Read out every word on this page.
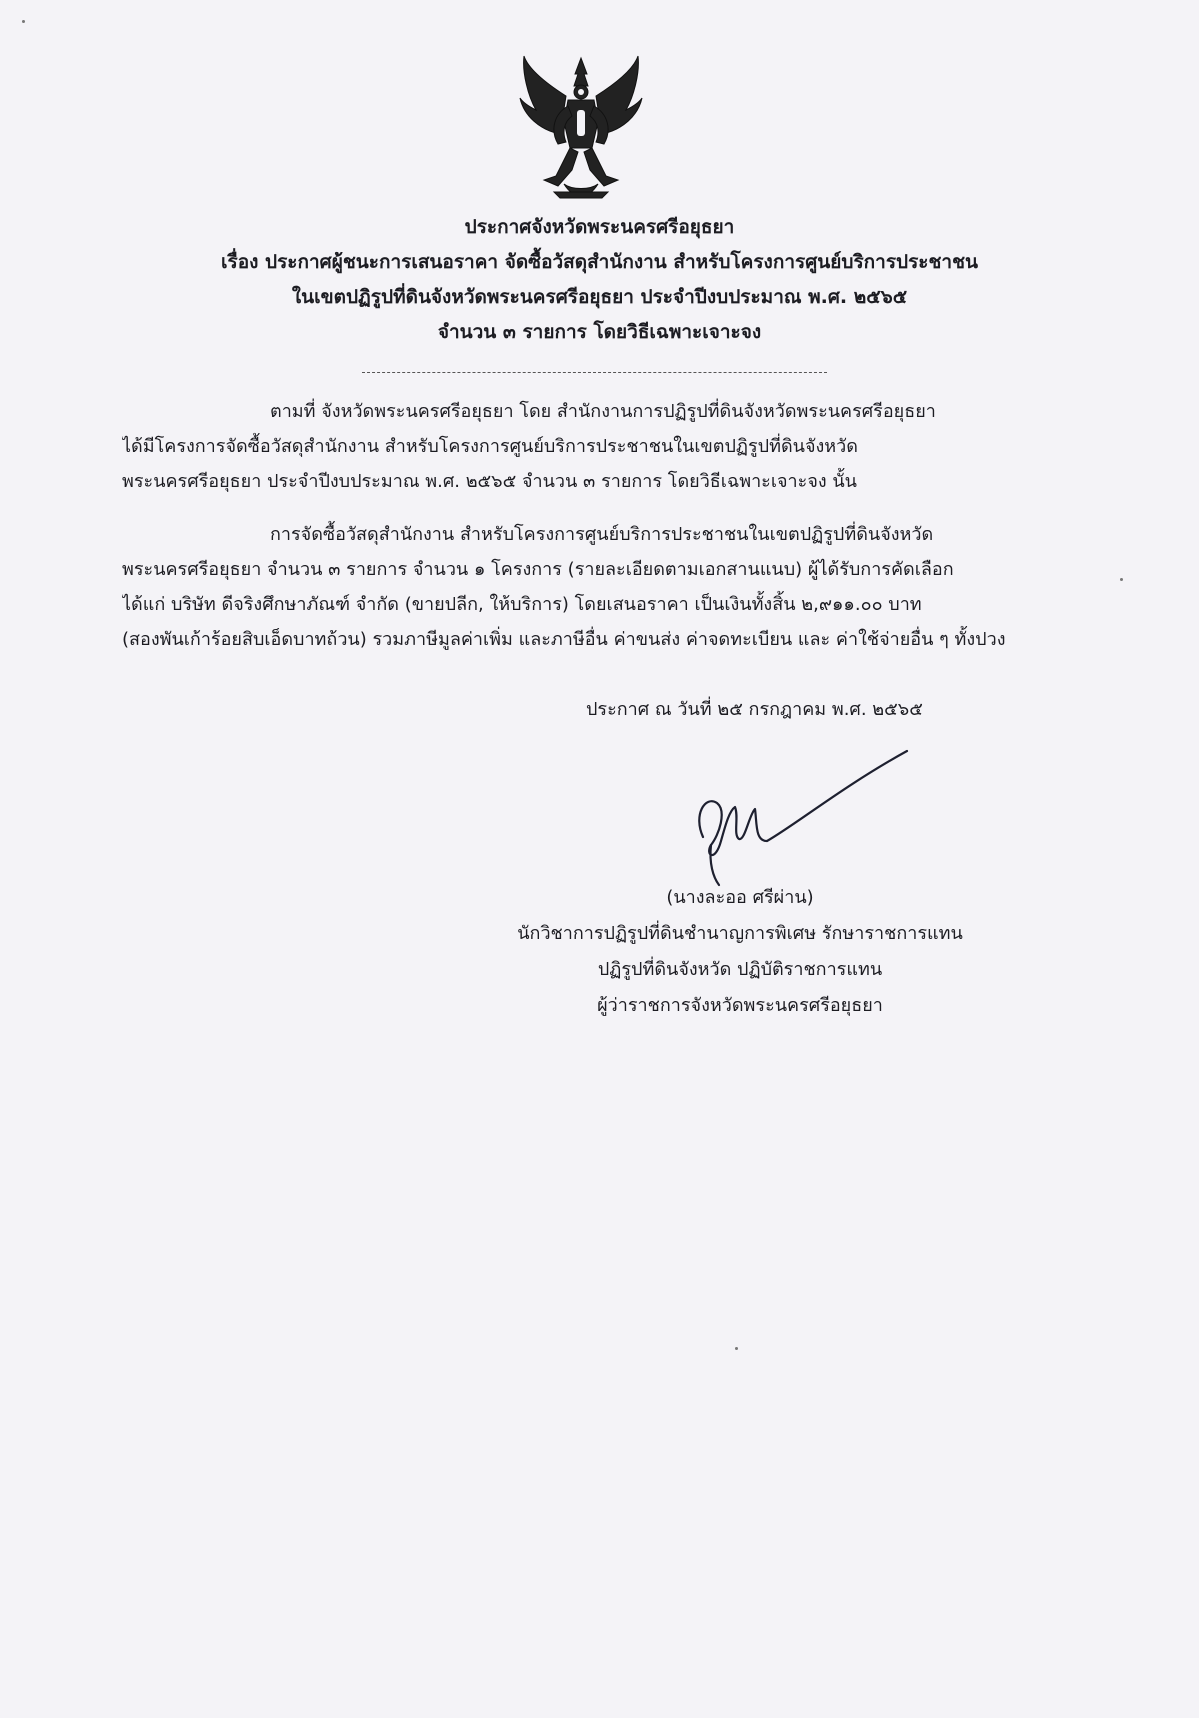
ประกาศจังหวัดพระนครศรีอยุธยา
เรื่อง ประกาศผู้ชนะการเสนอราคา จัดซื้อวัสดุสำนักงาน สำหรับโครงการศูนย์บริการประชาชน
ในเขตปฏิรูปที่ดินจังหวัดพระนครศรีอยุธยา ประจำปีงบประมาณ พ.ศ. ๒๕๖๕
จำนวน ๓ รายการ โดยวิธีเฉพาะเจาะจง
ตามที่ จังหวัดพระนครศรีอยุธยา โดย สำนักงานการปฏิรูปที่ดินจังหวัดพระนครศรีอยุธยา
ได้มีโครงการจัดซื้อวัสดุสำนักงาน สำหรับโครงการศูนย์บริการประชาชนในเขตปฏิรูปที่ดินจังหวัด
พระนครศรีอยุธยา ประจำปีงบประมาณ พ.ศ. ๒๕๖๕ จำนวน ๓ รายการ โดยวิธีเฉพาะเจาะจง นั้น
การจัดซื้อวัสดุสำนักงาน สำหรับโครงการศูนย์บริการประชาชนในเขตปฏิรูปที่ดินจังหวัด
พระนครศรีอยุธยา จำนวน ๓ รายการ จำนวน ๑ โครงการ (รายละเอียดตามเอกสานแนบ) ผู้ได้รับการคัดเลือก
ได้แก่ บริษัท ดีจริงศึกษาภัณฑ์ จำกัด (ขายปลีก, ให้บริการ) โดยเสนอราคา เป็นเงินทั้งสิ้น ๒,๙๑๑.๐๐ บาท
(สองพันเก้าร้อยสิบเอ็ดบาทถ้วน) รวมภาษีมูลค่าเพิ่ม และภาษีอื่น ค่าขนส่ง ค่าจดทะเบียน และ ค่าใช้จ่ายอื่น ๆ ทั้งปวง
ประกาศ ณ วันที่ ๒๕ กรกฎาคม พ.ศ. ๒๕๖๕
(นางละออ ศรีผ่าน)
นักวิชาการปฏิรูปที่ดินชำนาญการพิเศษ รักษาราชการแทน
ปฏิรูปที่ดินจังหวัด ปฏิบัติราชการแทน
ผู้ว่าราชการจังหวัดพระนครศรีอยุธยา
